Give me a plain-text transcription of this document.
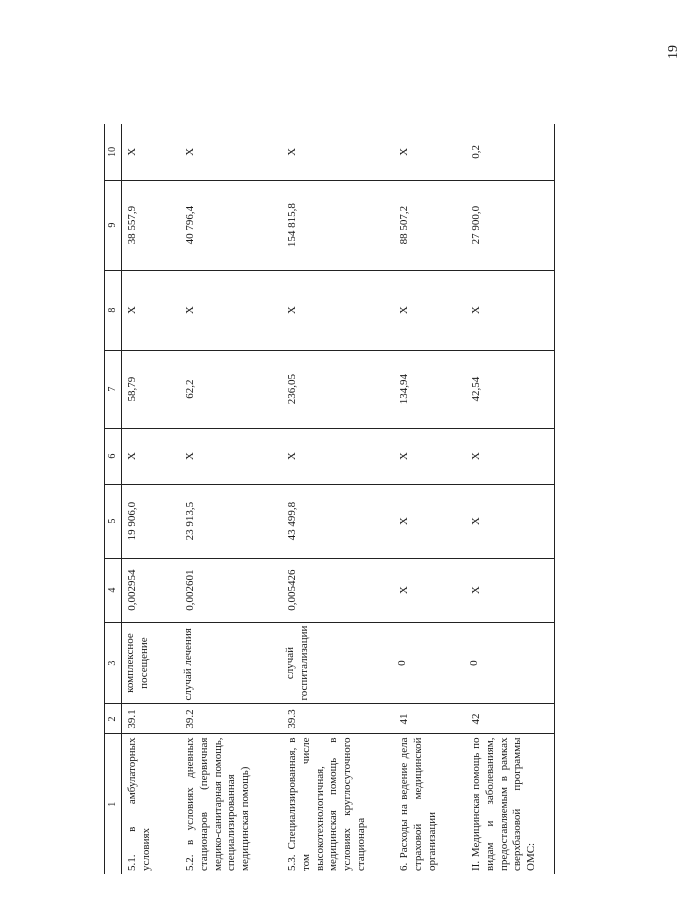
19
1	2	3	4	5	6	7	8	9	10
5.1. в амбулаторных условиях	39.1	комплексное посещение	0,002954	19 906,0	Х	58,79	Х	38 557,9	Х
5.2. в условиях дневных стационаров (первичная медико-санитарная помощь, специализированная медицинская помощь)	39.2	случай лечения	0,002601	23 913,5	Х	62,2	Х	40 796,4	Х
5.3. Специализированная, в том числе высокотехнологичная, медицинская помощь в условиях круглосуточного стационара	39.3	случай госпитализации	0,005426	43 499,8	Х	236,05	Х	154 815,8	Х
6. Расходы на ведение дела страховой медицинской организации	41	0	Х	Х	Х	134,94	Х	88 507,2	Х
II. Медицинская помощь по видам и заболеваниям, предоставляемым в рамках сверхбазовой программы ОМС:	42	0	Х	Х	Х	42,54	Х	27 900,0	0,2
